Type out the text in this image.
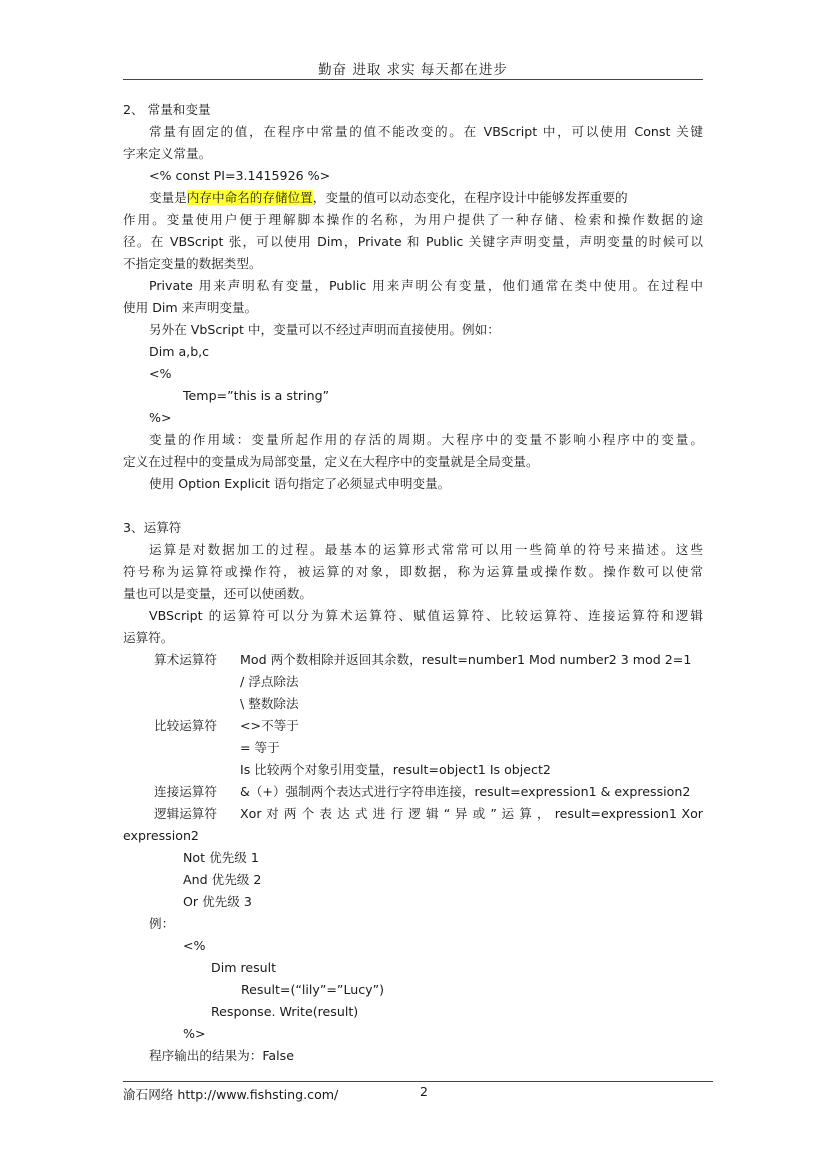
勤奋 进取 求实 每天都在进步
2、 常量和变量
常量有固定的值，在程序中常量的值不能改变的。在 VBScript 中，可以使用 Const 关键
字来定义常量。
<% const PI=3.1415926 %>
变量是内存中命名的存储位置，变量的值可以动态变化，在程序设计中能够发挥重要的
作用。变量使用户便于理解脚本操作的名称，为用户提供了一种存储、检索和操作数据的途
径。在 VBScript 张，可以使用 Dim，Private 和 Public 关键字声明变量，声明变量的时候可以
不指定变量的数据类型。
Private 用来声明私有变量，Public 用来声明公有变量，他们通常在类中使用。在过程中
使用 Dim 来声明变量。
另外在 VbScript 中，变量可以不经过声明而直接使用。例如：
Dim a,b,c
<%
Temp=”this is a string”
%>
变量的作用域：变量所起作用的存活的周期。大程序中的变量不影响小程序中的变量。
定义在过程中的变量成为局部变量，定义在大程序中的变量就是全局变量。
使用 Option Explicit 语句指定了必须显式申明变量。
3、运算符
运算是对数据加工的过程。最基本的运算形式常常可以用一些简单的符号来描述。这些
符号称为运算符或操作符，被运算的对象，即数据，称为运算量或操作数。操作数可以使常
量也可以是变量，还可以使函数。
VBScript 的运算符可以分为算术运算符、赋值运算符、比较运算符、连接运算符和逻辑
运算符。
算术运算符	Mod 两个数相除并返回其余数，result=number1 Mod number2 3 mod 2=1
/ 浮点除法
\ 整数除法
比较运算符	<>不等于
= 等于
Is 比较两个对象引用变量，result=object1 Is object2
连接运算符	&（+）强制两个表达式进行字符串连接，result=expression1 & expression2
逻辑运算符	Xor 对 两 个 表 达 式 进 行 逻 辑 “ 异 或 ” 运 算 ， result=expression1 Xor
expression2
Not 优先级 1
And 优先级 2
Or 优先级 3
例：
<%
Dim result
Result=(“lily”=”Lucy”)
Response. Write(result)
%>
程序输出的结果为：False
渝石网络 http://www.fishsting.com/	2
